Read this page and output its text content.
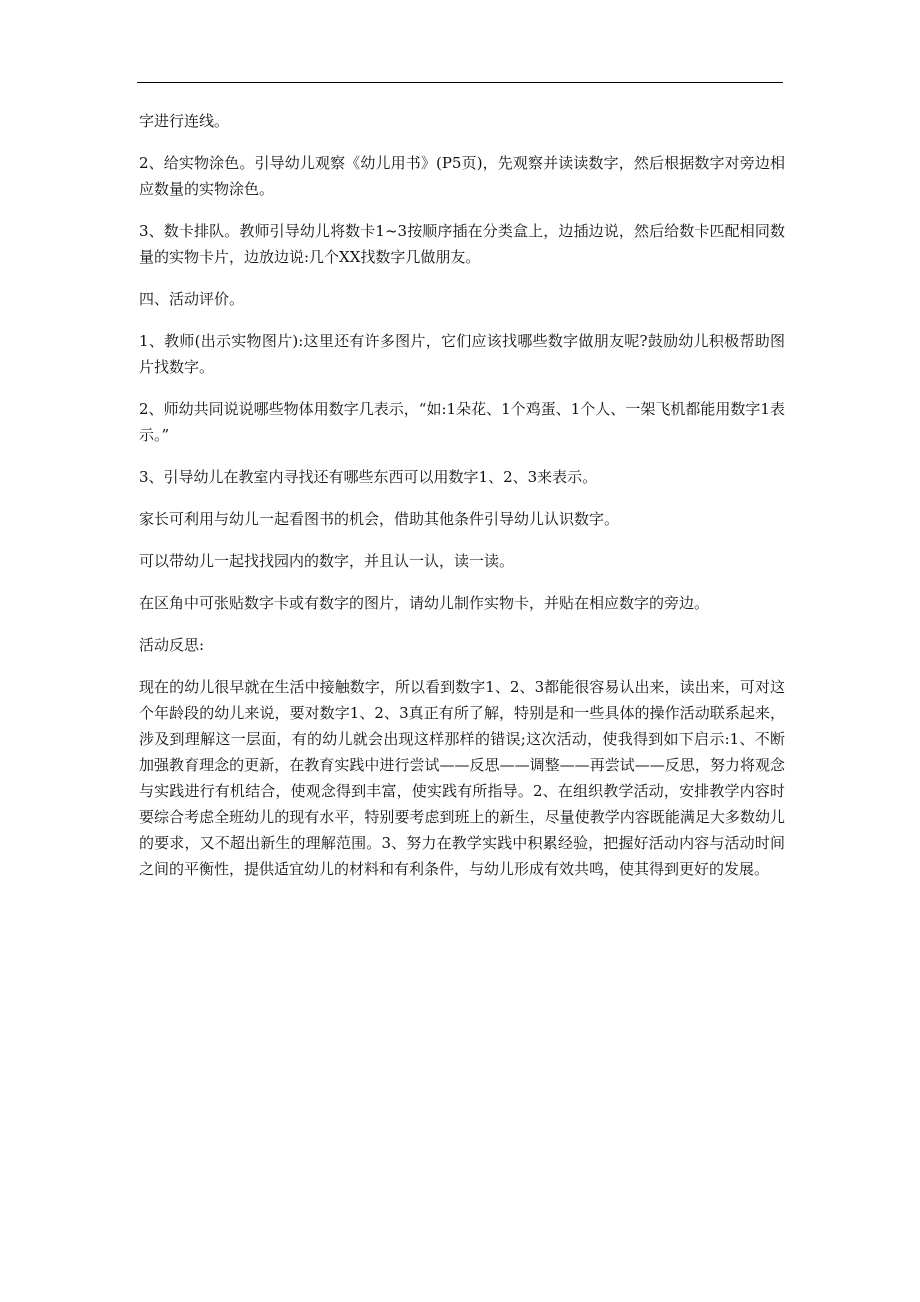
字进行连线。

2、给实物涂色。引导幼儿观察《幼儿用书》(P5页)，先观察并读读数字，然后根据数字对旁边相应数量的实物涂色。

3、数卡排队。教师引导幼儿将数卡1~3按顺序插在分类盒上，边插边说，然后给数卡匹配相同数量的实物卡片，边放边说:几个XX找数字几做朋友。

四、活动评价。

1、教师(出示实物图片):这里还有许多图片，它们应该找哪些数字做朋友呢?鼓励幼儿积极帮助图片找数字。

2、师幼共同说说哪些物体用数字几表示，“如:1朵花、1个鸡蛋、1个人、一架飞机都能用数字1表示。”

3、引导幼儿在教室内寻找还有哪些东西可以用数字1、2、3来表示。

家长可利用与幼儿一起看图书的机会，借助其他条件引导幼儿认识数字。

可以带幼儿一起找找园内的数字，并且认一认，读一读。

在区角中可张贴数字卡或有数字的图片，请幼儿制作实物卡，并贴在相应数字的旁边。

活动反思:

现在的幼儿很早就在生活中接触数字，所以看到数字1、2、3都能很容易认出来，读出来，可对这个年龄段的幼儿来说，要对数字1、2、3真正有所了解，特别是和一些具体的操作活动联系起来，涉及到理解这一层面，有的幼儿就会出现这样那样的错误;这次活动，使我得到如下启示:1、不断加强教育理念的更新，在教育实践中进行尝试——反思——调整——再尝试——反思，努力将观念与实践进行有机结合，使观念得到丰富，使实践有所指导。2、在组织教学活动，安排教学内容时要综合考虑全班幼儿的现有水平，特别要考虑到班上的新生，尽量使教学内容既能满足大多数幼儿的要求，又不超出新生的理解范围。3、努力在教学实践中积累经验，把握好活动内容与活动时间之间的平衡性，提供适宜幼儿的材料和有利条件，与幼儿形成有效共鸣，使其得到更好的发展。
